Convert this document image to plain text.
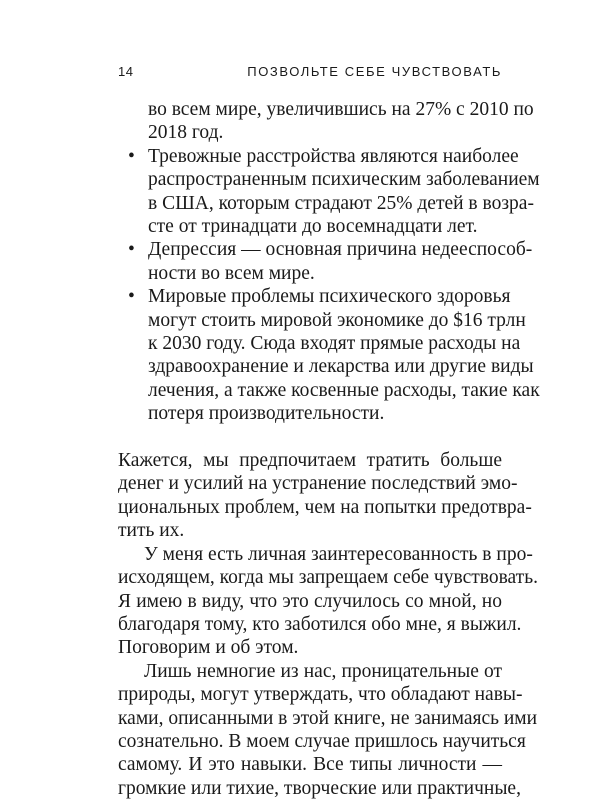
14	ПОЗВОЛЬТЕ СЕБЕ ЧУВСТВОВАТЬ
во всем мире, увеличившись на 27% с 2010 по
2018 год.
• Тревожные расстройства являются наиболее
распространенным психическим заболеванием
в США, которым страдают 25% детей в возра-
сте от тринадцати до восемнадцати лет.
• Депрессия — основная причина недееспособ-
ности во всем мире.
• Мировые проблемы психического здоровья
могут стоить мировой экономике до $16 трлн
к 2030 году. Сюда входят прямые расходы на
здравоохранение и лекарства или другие виды
лечения, а также косвенные расходы, такие как
потеря производительности.

Кажется, мы предпочитаем тратить больше
денег и усилий на устранение последствий эмо-
циональных проблем, чем на попытки предотвра-
тить их.

У меня есть личная заинтересованность в про-
исходящем, когда мы запрещаем себе чувствовать.
Я имею в виду, что это случилось со мной, но
благодаря тому, кто заботился обо мне, я выжил.
Поговорим и об этом.

Лишь немногие из нас, проницательные от
природы, могут утверждать, что обладают навы-
ками, описанными в этой книге, не занимаясь ими
сознательно. В моем случае пришлось научиться
самому. И это навыки. Все типы личности —
громкие или тихие, творческие или практичные,
